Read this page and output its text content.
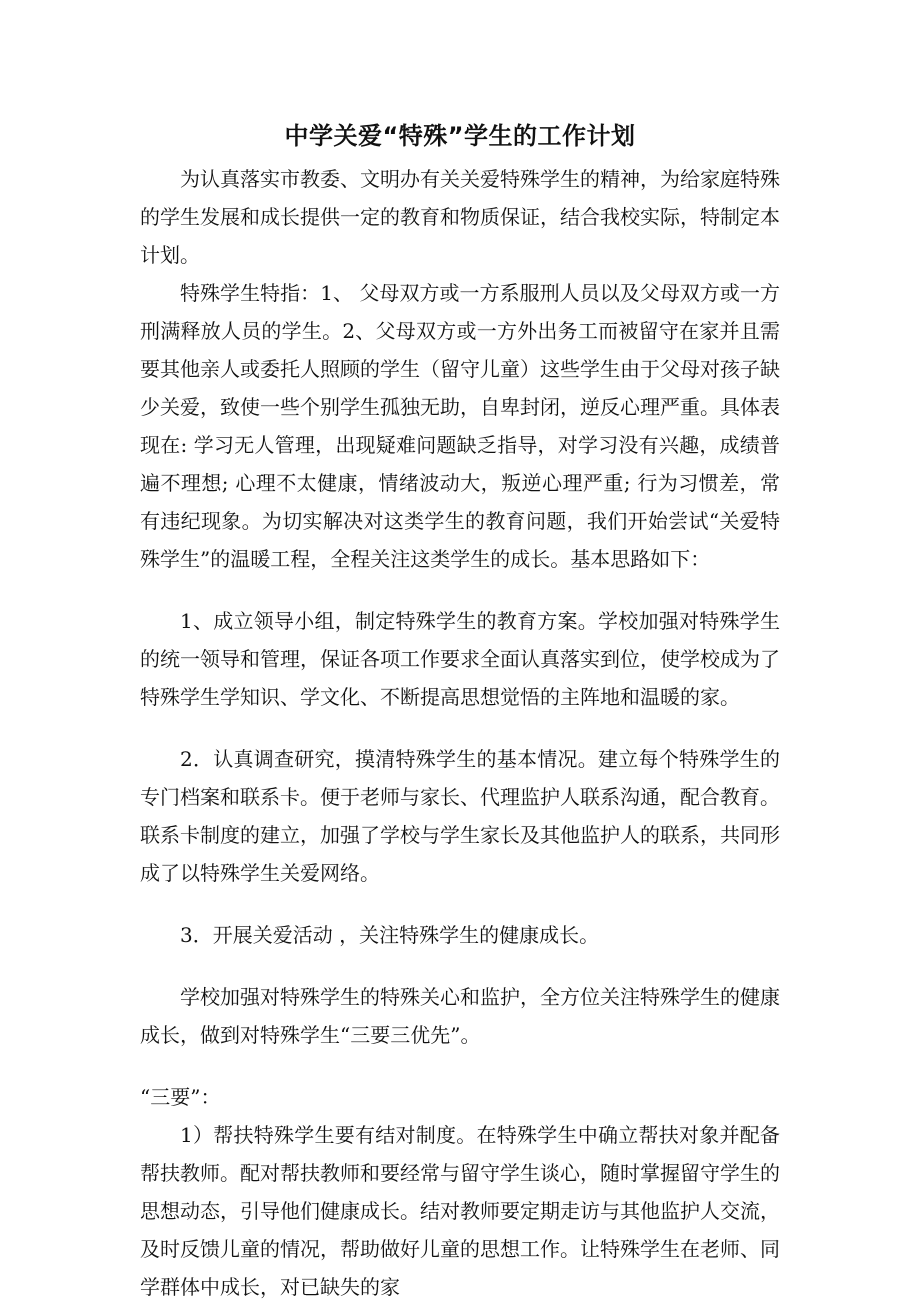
中学关爱“特殊”学生的工作计划

为认真落实市教委、文明办有关关爱特殊学生的精神，为给家庭特殊的学生发展和成长提供一定的教育和物质保证，结合我校实际，特制定本计划。

特殊学生特指：1、 父母双方或一方系服刑人员以及父母双方或一方刑满释放人员的学生。2、父母双方或一方外出务工而被留守在家并且需要其他亲人或委托人照顾的学生（留守儿童）这些学生由于父母对孩子缺少关爱，致使一些个别学生孤独无助，自卑封闭，逆反心理严重。具体表现在: 学习无人管理，出现疑难问题缺乏指导，对学习没有兴趣，成绩普遍不理想; 心理不太健康，情绪波动大，叛逆心理严重; 行为习惯差，常有违纪现象。为切实解决对这类学生的教育问题，我们开始尝试“关爱特殊学生”的温暖工程，全程关注这类学生的成长。基本思路如下：

1、成立领导小组，制定特殊学生的教育方案。学校加强对特殊学生的统一领导和管理，保证各项工作要求全面认真落实到位，使学校成为了特殊学生学知识、学文化、不断提高思想觉悟的主阵地和温暖的家。

2．认真调查研究，摸清特殊学生的基本情况。建立每个特殊学生的专门档案和联系卡。便于老师与家长、代理监护人联系沟通，配合教育。联系卡制度的建立，加强了学校与学生家长及其他监护人的联系，共同形成了以特殊学生关爱网络。

3．开展关爱活动 ，关注特殊学生的健康成长。

学校加强对特殊学生的特殊关心和监护，全方位关注特殊学生的健康成长，做到对特殊学生“三要三优先”。

“三要”：

1）帮扶特殊学生要有结对制度。在特殊学生中确立帮扶对象并配备帮扶教师。配对帮扶教师和要经常与留守学生谈心，随时掌握留守学生的思想动态，引导他们健康成长。结对教师要定期走访与其他监护人交流，及时反馈儿童的情况，帮助做好儿童的思想工作。让特殊学生在老师、同学群体中成长，对已缺失的家
